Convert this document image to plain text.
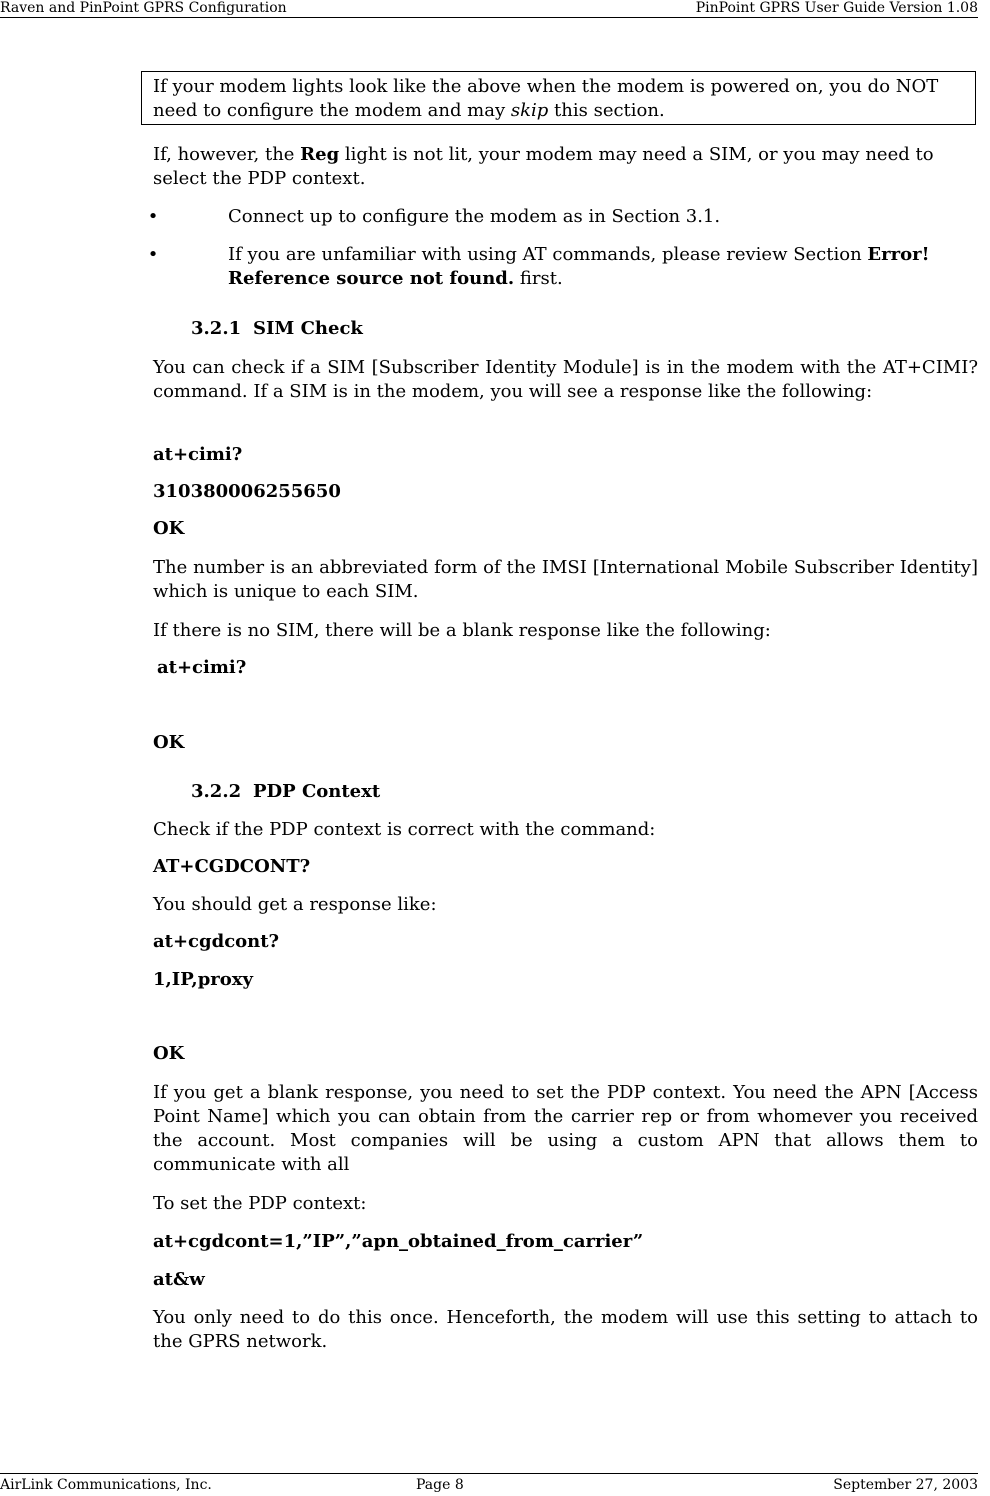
Raven and PinPoint GPRS Configuration	PinPoint GPRS User Guide Version 1.08
If your modem lights look like the above when the modem is powered on, you do NOT need to configure the modem and may skip this section.
If, however, the Reg light is not lit, your modem may need a SIM, or you may need to select the PDP context.
•	Connect up to configure the modem as in Section 3.1.
•	If you are unfamiliar with using AT commands, please review Section Error! Reference source not found. first.
3.2.1 SIM Check
You can check if a SIM [Subscriber Identity Module] is in the modem with the AT+CIMI? command. If a SIM is in the modem, you will see a response like the following:
at+cimi?
310380006255650
OK
The number is an abbreviated form of the IMSI [International Mobile Subscriber Identity] which is unique to each SIM.
If there is no SIM, there will be a blank response like the following:
at+cimi?
OK
3.2.2 PDP Context
Check if the PDP context is correct with the command:
AT+CGDCONT?
You should get a response like:
at+cgdcont?
1,IP,proxy
OK
If you get a blank response, you need to set the PDP context. You need the APN [Access Point Name] which you can obtain from the carrier rep or from whomever you received the account. Most companies will be using a custom APN that allows them to communicate with all
To set the PDP context:
at+cgdcont=1,”IP”,”apn_obtained_from_carrier”
at&w
You only need to do this once. Henceforth, the modem will use this setting to attach to the GPRS network.
AirLink Communications, Inc.	Page 8	September 27, 2003
